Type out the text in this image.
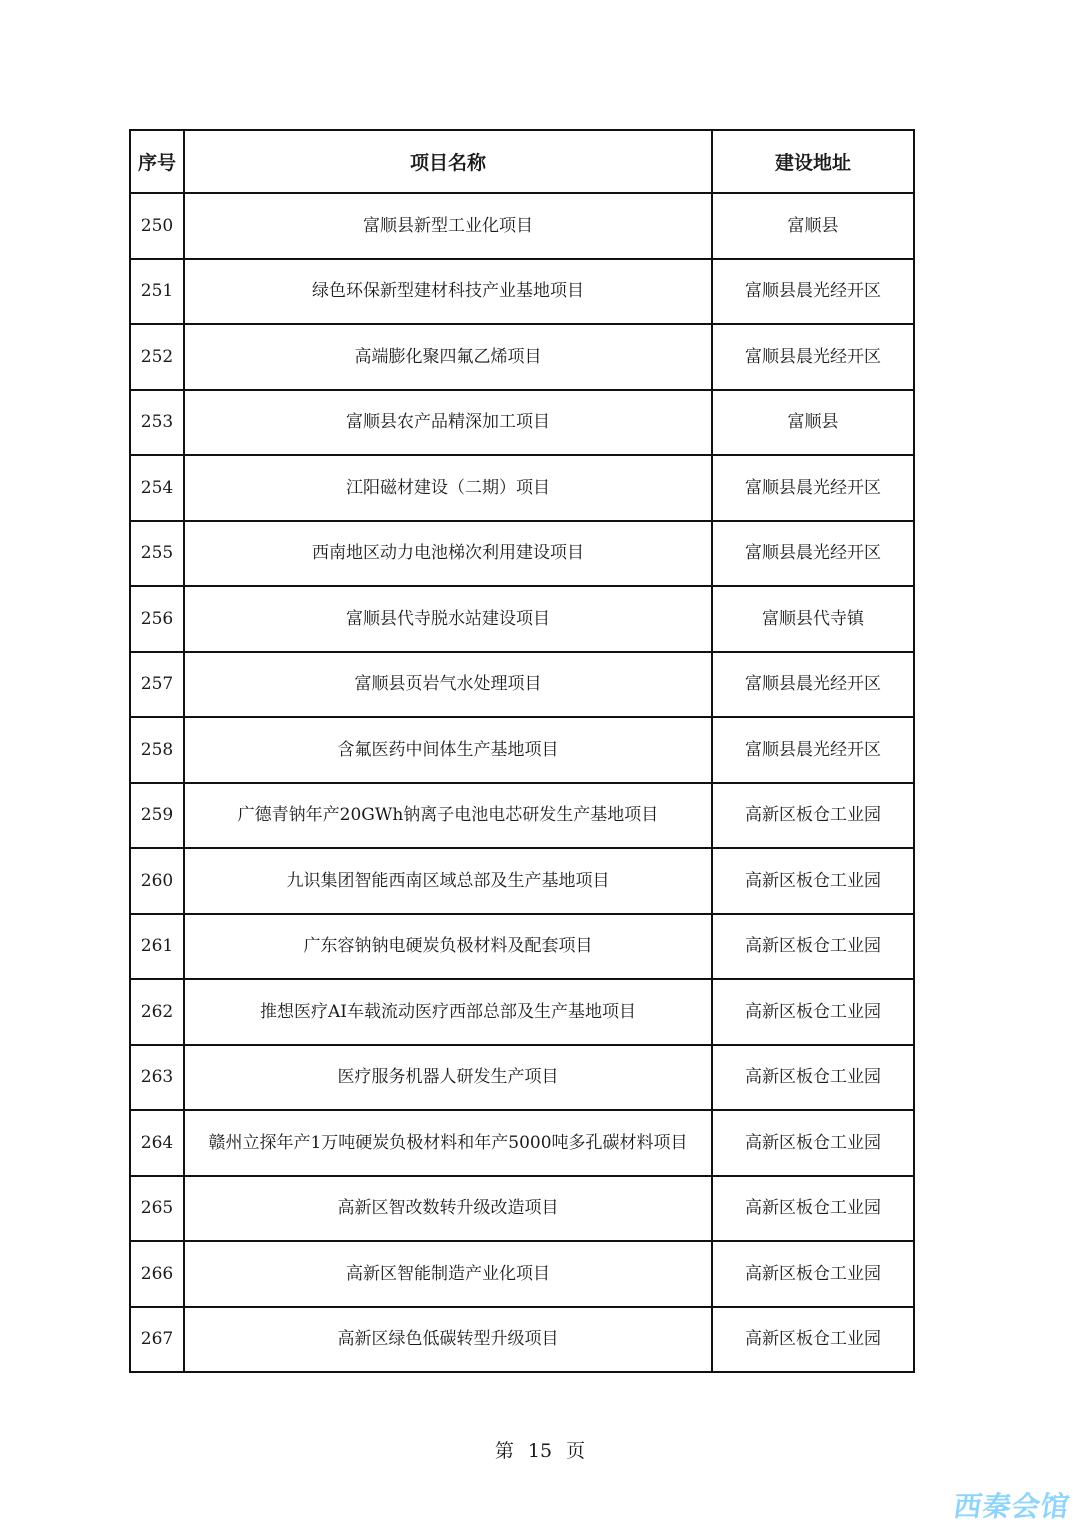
序号	项目名称	建设地址
250	富顺县新型工业化项目	富顺县
251	绿色环保新型建材科技产业基地项目	富顺县晨光经开区
252	高端膨化聚四氟乙烯项目	富顺县晨光经开区
253	富顺县农产品精深加工项目	富顺县
254	江阳磁材建设（二期）项目	富顺县晨光经开区
255	西南地区动力电池梯次利用建设项目	富顺县晨光经开区
256	富顺县代寺脱水站建设项目	富顺县代寺镇
257	富顺县页岩气水处理项目	富顺县晨光经开区
258	含氟医药中间体生产基地项目	富顺县晨光经开区
259	广德青钠年产20GWh钠离子电池电芯研发生产基地项目	高新区板仓工业园
260	九识集团智能西南区域总部及生产基地项目	高新区板仓工业园
261	广东容钠钠电硬炭负极材料及配套项目	高新区板仓工业园
262	推想医疗AI车载流动医疗西部总部及生产基地项目	高新区板仓工业园
263	医疗服务机器人研发生产项目	高新区板仓工业园
264	赣州立探年产1万吨硬炭负极材料和年产5000吨多孔碳材料项目	高新区板仓工业园
265	高新区智改数转升级改造项目	高新区板仓工业园
266	高新区智能制造产业化项目	高新区板仓工业园
267	高新区绿色低碳转型升级项目	高新区板仓工业园
第 15 页
西秦会馆
